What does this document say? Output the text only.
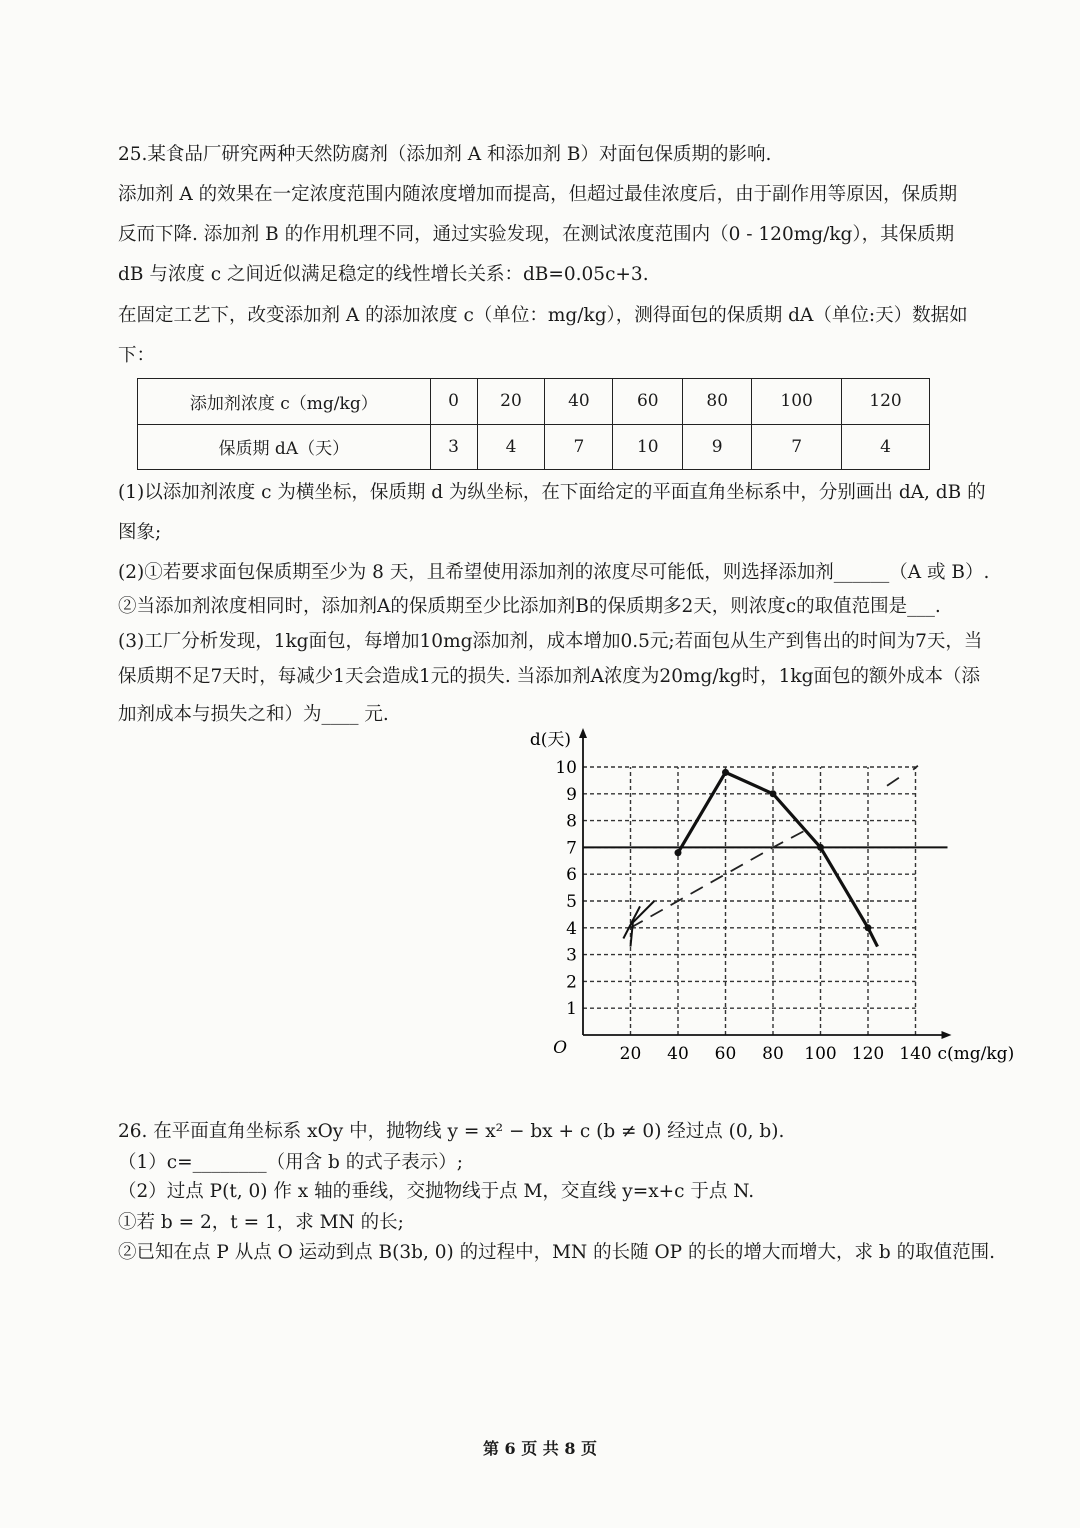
25.某食品厂研究两种天然防腐剂（添加剂 A 和添加剂 B）对面包保质期的影响.
添加剂 A 的效果在一定浓度范围内随浓度增加而提高，但超过最佳浓度后，由于副作用等原因，保质期
反而下降. 添加剂 B 的作用机理不同，通过实验发现，在测试浓度范围内（0 - 120mg/kg），其保质期
dB 与浓度 c 之间近似满足稳定的线性增长关系：dB=0.05c+3.
在固定工艺下，改变添加剂 A 的添加浓度 c（单位：mg/kg），测得面包的保质期 dA（单位:天）数据如
下：
添加剂浓度 c（mg/kg）	0	20	40	60	80	100	120
保质期 dA（天）	3	4	7	10	9	7	4
(1)以添加剂浓度 c 为横坐标，保质期 d 为纵坐标，在下面给定的平面直角坐标系中，分别画出 dA, dB 的
图象;
(2)①若要求面包保质期至少为 8 天，且希望使用添加剂的浓度尽可能低，则选择添加剂______（A 或 B）.
②当添加剂浓度相同时，添加剂A的保质期至少比添加剂B的保质期多2天，则浓度c的取值范围是___.
(3)工厂分析发现，1kg面包，每增加10mg添加剂，成本增加0.5元;若面包从生产到售出的时间为7天，当
保质期不足7天时，每减少1天会造成1元的损失. 当添加剂A浓度为20mg/kg时，1kg面包的额外成本（添
加剂成本与损失之和）为____ 元.
20 40 60 80 100 120 140
1
2
3
4
5
6
7
8
9
10
d(天)
c(mg/kg)
O
26. 在平面直角坐标系 xOy 中，抛物线 y = x² − bx + c (b ≠ 0) 经过点 (0, b).
（1）c=________（用含 b 的式子表示）;
（2）过点 P(t, 0) 作 x 轴的垂线，交抛物线于点 M，交直线 y=x+c 于点 N.
①若 b = 2，t = 1，求 MN 的长;
②已知在点 P 从点 O 运动到点 B(3b, 0) 的过程中，MN 的长随 OP 的长的增大而增大，求 b 的取值范围.
第 6 页 共 8 页
